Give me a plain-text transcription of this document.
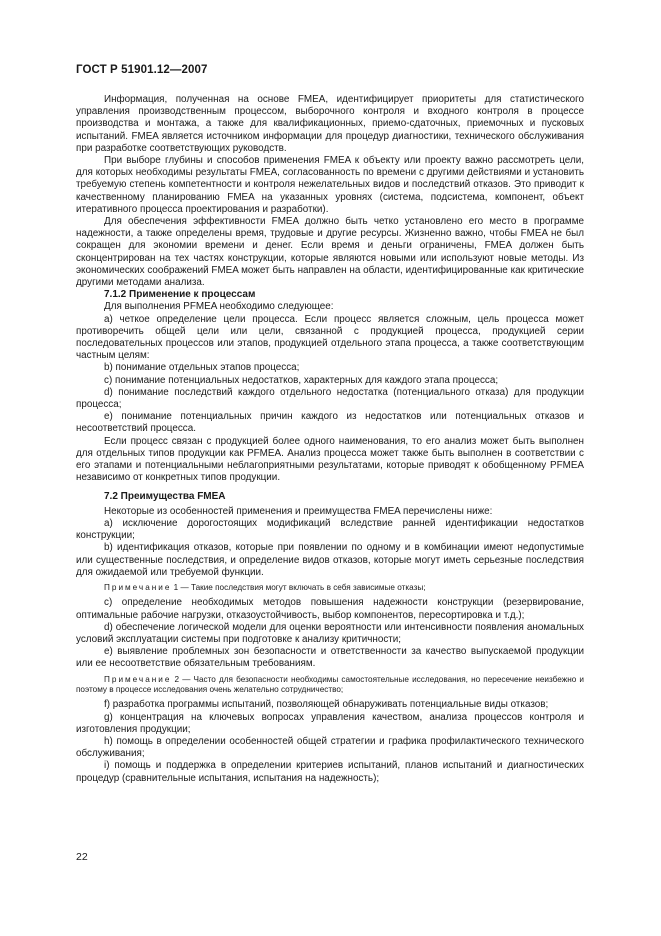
ГОСТ Р 51901.12—2007

Информация, полученная на основе FMEA, идентифицирует приоритеты для статистического управления производственным процессом, выборочного контроля и входного контроля в процессе производства и монтажа, а также для квалификационных, приемо-сдаточных, приемочных и пусковых испытаний. FMEA является источником информации для процедур диагностики, технического обслуживания при разработке соответствующих руководств.

При выборе глубины и способов применения FMEA к объекту или проекту важно рассмотреть цели, для которых необходимы результаты FMEA, согласованность по времени с другими действиями и установить требуемую степень компетентности и контроля нежелательных видов и последствий отказов. Это приводит к качественному планированию FMEA на указанных уровнях (система, подсистема, компонент, объект итеративного процесса проектирования и разработки).

Для обеспечения эффективности FMEA должно быть четко установлено его место в программе надежности, а также определены время, трудовые и другие ресурсы. Жизненно важно, чтобы FMEA не был сокращен для экономии времени и денег. Если время и деньги ограничены, FMEA должен быть сконцентрирован на тех частях конструкции, которые являются новыми или используют новые методы. Из экономических соображений FMEA может быть направлен на области, идентифицированные как критические другими методами анализа.

7.1.2 Применение к процессам

Для выполнения PFMEA необходимо следующее:

а) четкое определение цели процесса. Если процесс является сложным, цель процесса может противоречить общей цели или цели, связанной с продукцией процесса, продукцией серии последовательных процессов или этапов, продукцией отдельного этапа процесса, а также соответствующим частным целям:

b) понимание отдельных этапов процесса;

c) понимание потенциальных недостатков, характерных для каждого этапа процесса;

d) понимание последствий каждого отдельного недостатка (потенциального отказа) для продукции процесса;

e) понимание потенциальных причин каждого из недостатков или потенциальных отказов и несоответствий процесса.

Если процесс связан с продукцией более одного наименования, то его анализ может быть выполнен для отдельных типов продукции как PFMEA. Анализ процесса может также быть выполнен в соответствии с его этапами и потенциальными неблагоприятными результатами, которые приводят к обобщенному PFMEA независимо от конкретных типов продукции.

7.2 Преимущества FMEA

Некоторые из особенностей применения и преимущества FMEA перечислены ниже:

а) исключение дорогостоящих модификаций вследствие ранней идентификации недостатков конструкции;

b) идентификация отказов, которые при появлении по одному и в комбинации имеют недопустимые или существенные последствия, и определение видов отказов, которые могут иметь серьезные последствия для ожидаемой или требуемой функции.

Примечание 1 — Такие последствия могут включать в себя зависимые отказы;

c) определение необходимых методов повышения надежности конструкции (резервирование, оптимальные рабочие нагрузки, отказоустойчивость, выбор компонентов, пересортировка и т.д.);

d) обеспечение логической модели для оценки вероятности или интенсивности появления аномальных условий эксплуатации системы при подготовке к анализу критичности;

e) выявление проблемных зон безопасности и ответственности за качество выпускаемой продукции или ее несоответствие обязательным требованиям.

Примечание 2 — Часто для безопасности необходимы самостоятельные исследования, но пересечение неизбежно и поэтому в процессе исследования очень желательно сотрудничество;

f) разработка программы испытаний, позволяющей обнаруживать потенциальные виды отказов;

g) концентрация на ключевых вопросах управления качеством, анализа процессов контроля и изготовления продукции;

h) помощь в определении особенностей общей стратегии и графика профилактического технического обслуживания;

i) помощь и поддержка в определении критериев испытаний, планов испытаний и диагностических процедур (сравнительные испытания, испытания на надежность);

22
